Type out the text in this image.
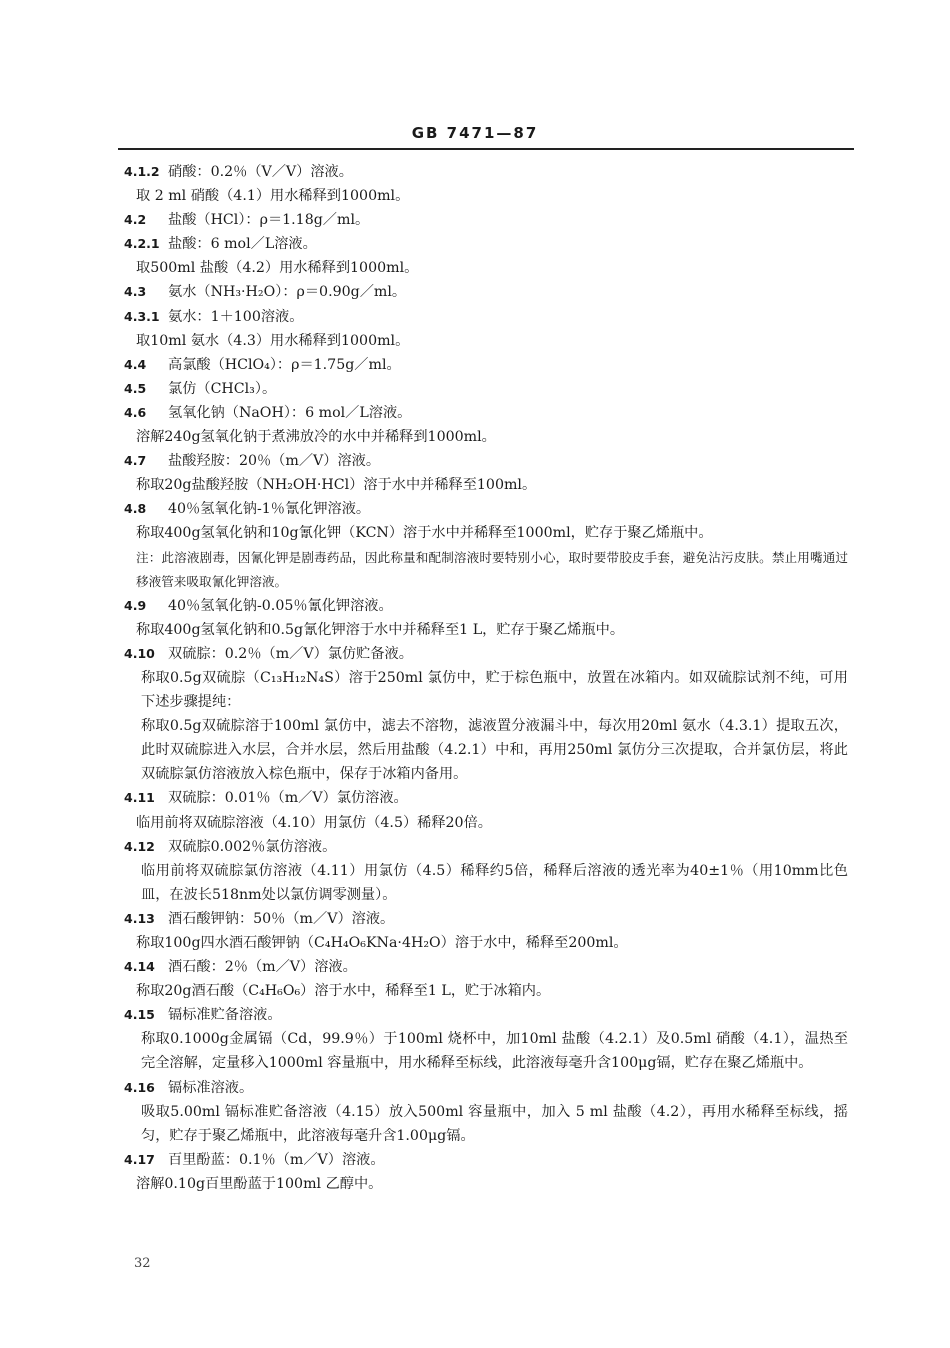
GB 7471—87
4.1.2 硝酸：0.2％（V／V）溶液。
取 2 ml 硝酸（4.1）用水稀释到1000ml。
4.2 盐酸（HCl）：ρ＝1.18g／ml。
4.2.1 盐酸：6 mol／L溶液。
取500ml 盐酸（4.2）用水稀释到1000ml。
4.3 氨水（NH₃·H₂O）：ρ＝0.90g／ml。
4.3.1 氨水：1＋100溶液。
取10ml 氨水（4.3）用水稀释到1000ml。
4.4 高氯酸（HClO₄）：ρ＝1.75g／ml。
4.5 氯仿（CHCl₃）。
4.6 氢氧化钠（NaOH）：6 mol／L溶液。
溶解240g氢氧化钠于煮沸放冷的水中并稀释到1000ml。
4.7 盐酸羟胺：20％（m／V）溶液。
称取20g盐酸羟胺（NH₂OH·HCl）溶于水中并稀释至100ml。
4.8 40％氢氧化钠-1％氰化钾溶液。
称取400g氢氧化钠和10g氰化钾（KCN）溶于水中并稀释至1000ml，贮存于聚乙烯瓶中。
注：此溶液剧毒，因氰化钾是剧毒药品，因此称量和配制溶液时要特别小心，取时要带胶皮手套，避免沾污皮肤。禁止用嘴通过移液管来吸取氰化钾溶液。
4.9 40％氢氧化钠-0.05％氰化钾溶液。
称取400g氢氧化钠和0.5g氰化钾溶于水中并稀释至1 L，贮存于聚乙烯瓶中。
4.10 双硫腙：0.2％（m／V）氯仿贮备液。
称取0.5g双硫腙（C₁₃H₁₂N₄S）溶于250ml 氯仿中，贮于棕色瓶中，放置在冰箱内。如双硫腙试剂不纯，可用下述步骤提纯：
称取0.5g双硫腙溶于100ml 氯仿中，滤去不溶物，滤液置分液漏斗中，每次用20ml 氨水（4.3.1）提取五次，此时双硫腙进入水层，合并水层，然后用盐酸（4.2.1）中和，再用250ml 氯仿分三次提取，合并氯仿层，将此双硫腙氯仿溶液放入棕色瓶中，保存于冰箱内备用。
4.11 双硫腙：0.01％（m／V）氯仿溶液。
临用前将双硫腙溶液（4.10）用氯仿（4.5）稀释20倍。
4.12 双硫腙0.002％氯仿溶液。
临用前将双硫腙氯仿溶液（4.11）用氯仿（4.5）稀释约5倍，稀释后溶液的透光率为40±1％（用10mm比色皿，在波长518nm处以氯仿调零测量）。
4.13 酒石酸钾钠：50％（m／V）溶液。
称取100g四水酒石酸钾钠（C₄H₄O₆KNa·4H₂O）溶于水中，稀释至200ml。
4.14 酒石酸：2％（m／V）溶液。
称取20g酒石酸（C₄H₆O₆）溶于水中，稀释至1 L，贮于冰箱内。
4.15 镉标准贮备溶液。
称取0.1000g金属镉（Cd，99.9％）于100ml 烧杯中，加10ml 盐酸（4.2.1）及0.5ml 硝酸（4.1），温热至完全溶解，定量移入1000ml 容量瓶中，用水稀释至标线，此溶液每毫升含100μg镉，贮存在聚乙烯瓶中。
4.16 镉标准溶液。
吸取5.00ml 镉标准贮备溶液（4.15）放入500ml 容量瓶中，加入 5 ml 盐酸（4.2），再用水稀释至标线，摇匀，贮存于聚乙烯瓶中，此溶液每毫升含1.00μg镉。
4.17 百里酚蓝：0.1％（m／V）溶液。
溶解0.10g百里酚蓝于100ml 乙醇中。
32
